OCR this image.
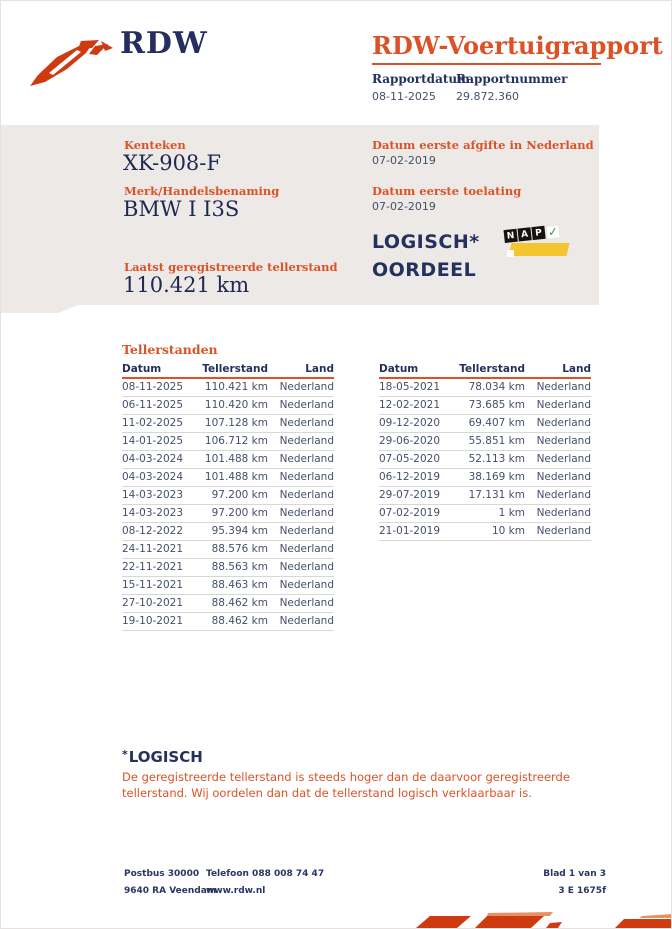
RDW	RDW-Voertuigrapport
Rapportdatum
Rapportnummer
08-11-2025 29.872.360
Kenteken
XK-908-F
Merk/Handelsbenaming
BMW I I3S
Datum eerste afgifte in Nederland
07-02-2019
Datum eerste toelating
07-02-2019
LOGISCH*
OORDEEL
N A P ✓
Laatst geregistreerde tellerstand
110.421 km
Tellerstanden
Datum	Tellerstand	Land
08-11-2025	110.421 km	Nederland
06-11-2025	110.420 km	Nederland
11-02-2025	107.128 km	Nederland
14-01-2025	106.712 km	Nederland
04-03-2024	101.488 km	Nederland
04-03-2024	101.488 km	Nederland
14-03-2023	97.200 km	Nederland
14-03-2023	97.200 km	Nederland
08-12-2022	95.394 km	Nederland
24-11-2021	88.576 km	Nederland
22-11-2021	88.563 km	Nederland
15-11-2021	88.463 km	Nederland
27-10-2021	88.462 km	Nederland
19-10-2021	88.462 km	Nederland
Datum	Tellerstand	Land
18-05-2021	78.034 km	Nederland
12-02-2021	73.685 km	Nederland
09-12-2020	69.407 km	Nederland
29-06-2020	55.851 km	Nederland
07-05-2020	52.113 km	Nederland
06-12-2019	38.169 km	Nederland
29-07-2019	17.131 km	Nederland
07-02-2019	1 km	Nederland
21-01-2019	10 km	Nederland
*LOGISCH
De geregistreerde tellerstand is steeds hoger dan de daarvoor geregistreerde tellerstand. Wij oordelen dan dat de tellerstand logisch verklaarbaar is.
Postbus 30000
9640 RA Veendam
Telefoon 088 008 74 47
www.rdw.nl
Blad 1 van 3
3 E 1675f
